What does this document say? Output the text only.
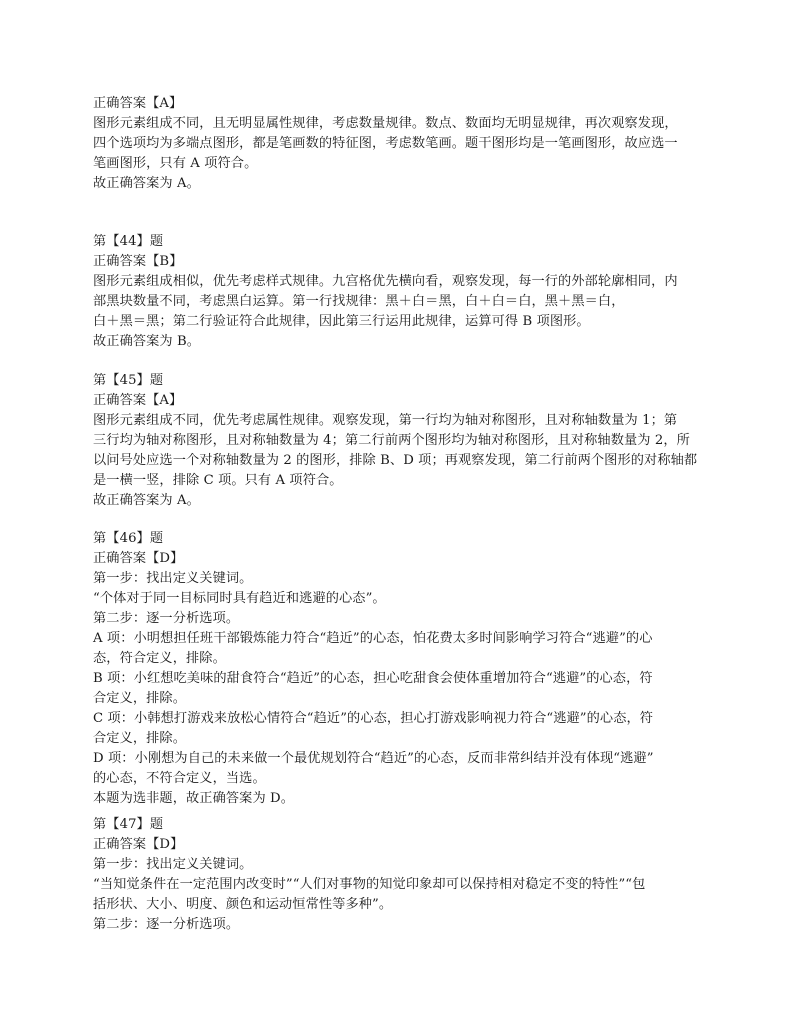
正确答案【A】
图形元素组成不同，且无明显属性规律，考虑数量规律。数点、数面均无明显规律，再次观察发现，
四个选项均为多端点图形，都是笔画数的特征图，考虑数笔画。题干图形均是一笔画图形，故应选一
笔画图形，只有 A 项符合。
故正确答案为 A。
第【44】题
正确答案【B】
图形元素组成相似，优先考虑样式规律。九宫格优先横向看，观察发现，每一行的外部轮廓相同，内
部黑块数量不同，考虑黑白运算。第一行找规律：黑＋白＝黑，白＋白＝白，黑＋黑＝白，
白＋黑＝黑；第二行验证符合此规律，因此第三行运用此规律，运算可得 B 项图形。
故正确答案为 B。
第【45】题
正确答案【A】
图形元素组成不同，优先考虑属性规律。观察发现，第一行均为轴对称图形，且对称轴数量为 1；第
三行均为轴对称图形，且对称轴数量为 4；第二行前两个图形均为轴对称图形，且对称轴数量为 2，所
以问号处应选一个对称轴数量为 2 的图形，排除 B、D 项；再观察发现，第二行前两个图形的对称轴都
是一横一竖，排除 C 项。只有 A 项符合。
故正确答案为 A。
第【46】题
正确答案【D】
第一步：找出定义关键词。
“个体对于同一目标同时具有趋近和逃避的心态”。
第二步：逐一分析选项。
A 项：小明想担任班干部锻炼能力符合“趋近”的心态，怕花费太多时间影响学习符合“逃避”的心
态，符合定义，排除。
B 项：小红想吃美味的甜食符合“趋近”的心态，担心吃甜食会使体重增加符合“逃避”的心态，符
合定义，排除。
C 项：小韩想打游戏来放松心情符合“趋近”的心态，担心打游戏影响视力符合“逃避”的心态，符
合定义，排除。
D 项：小刚想为自己的未来做一个最优规划符合“趋近”的心态，反而非常纠结并没有体现“逃避”
的心态，不符合定义，当选。
本题为选非题，故正确答案为 D。
第【47】题
正确答案【D】
第一步：找出定义关键词。
“当知觉条件在一定范围内改变时”“人们对事物的知觉印象却可以保持相对稳定不变的特性”“包
括形状、大小、明度、颜色和运动恒常性等多种”。
第二步：逐一分析选项。
